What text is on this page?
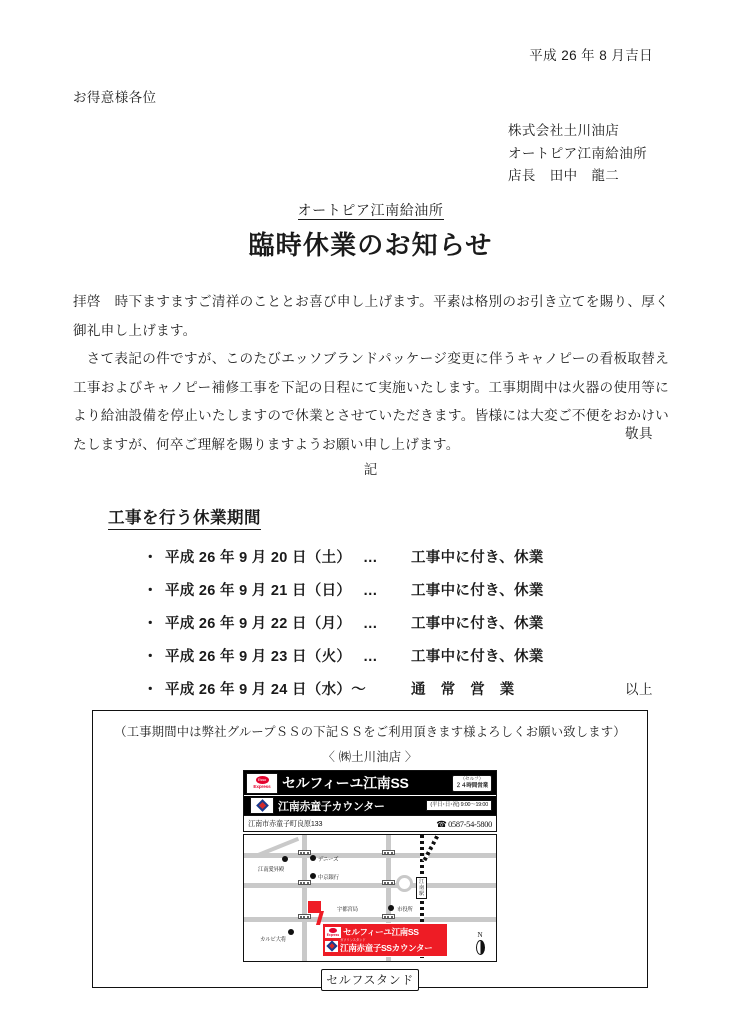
平成 26 年 8 月吉日
お得意様各位
株式会社土川油店
オートピア江南給油所
店長　田中　龍二
オートピア江南給油所
臨時休業のお知らせ

拝啓　時下ますますご清祥のこととお喜び申し上げます。平素は格別のお引き立てを賜り、厚く御礼申し上げます。

さて表記の件ですが、このたびエッソブランドパッケージ変更に伴うキャノピーの看板取替え工事およびキャノピー補修工事を下記の日程にて実施いたします。工事期間中は火器の使用等により給油設備を停止いたしますので休業とさせていただきます。皆様には大変ご不便をおかけいたしますが、何卒ご理解を賜りますようお願い申し上げます。

敬具
記
工事を行う休業期間
・ 平成 26 年 9 月 20 日（土） …	工事中に付き、休業
・ 平成 26 年 9 月 21 日（日） …	工事中に付き、休業
・ 平成 26 年 9 月 22 日（月） …	工事中に付き、休業
・ 平成 26 年 9 月 23 日（火） …	工事中に付き、休業
・ 平成 26 年 9 月 24 日（水）～	通　常　営　業	以上
（工事期間中は弊社グループＳＳの下記ＳＳをご利用頂きます様よろしくお願い致します）
〈 ㈱土川油店 〉
Esso
Express セルフィーユ江南SS	（セルフ）
２４時間営業
江南赤童子カウンター	(平日･日･祝) 9:00～19:00
江南市赤童子町良原133	☎ 0587-54-5800
江南駅
江南愛昇殿
デニーズ
中京銀行
宇都宮局	市役所
カルビ大将
Express セルフィーユ江南SS
ガソリンスタンド
江南赤童子SSカウンター
N
セルフスタンド
